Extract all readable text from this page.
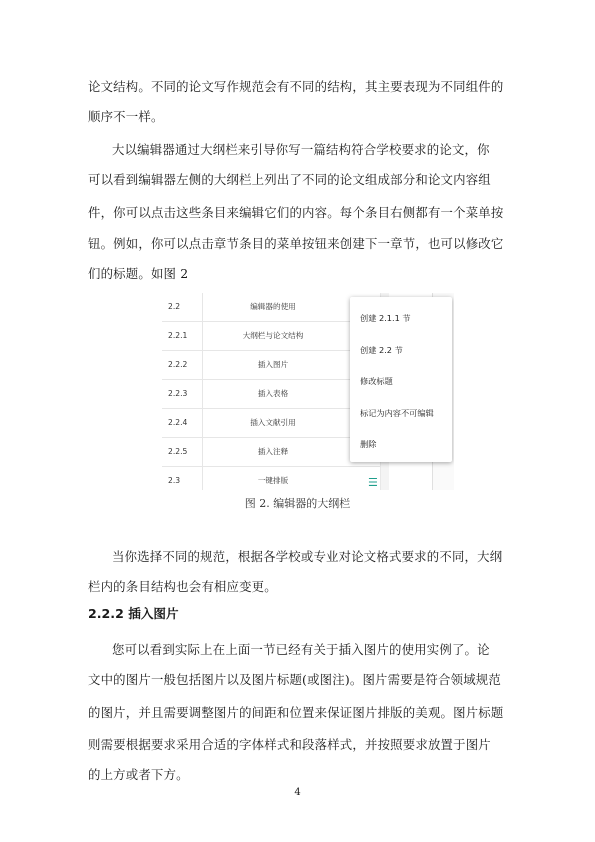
论文结构。不同的论文写作规范会有不同的结构，其主要表现为不同组件的
顺序不一样。
大以编辑器通过大纲栏来引导你写一篇结构符合学校要求的论文，你
可以看到编辑器左侧的大纲栏上列出了不同的论文组成部分和论文内容组
件，你可以点击这些条目来编辑它们的内容。每个条目右侧都有一个菜单按
钮。例如，你可以点击章节条目的菜单按钮来创建下一章节，也可以修改它
们的标题。如图 2
2.2	编辑器的使用
2.2.1	大纲栏与论文结构
2.2.2	插入图片
2.2.3	插入表格
2.2.4	插入文献引用
2.2.5	插入注释
2.3	一键排版	☰
创建 2.1.1 节
创建 2.2 节
修改标题
标记为内容不可编辑
删除
图 2. 编辑器的大纲栏
当你选择不同的规范，根据各学校或专业对论文格式要求的不同，大纲
栏内的条目结构也会有相应变更。
2.2.2 插入图片
您可以看到实际上在上面一节已经有关于插入图片的使用实例了。论
文中的图片一般包括图片以及图片标题(或图注)。图片需要是符合领域规范
的图片，并且需要调整图片的间距和位置来保证图片排版的美观。图片标题
则需要根据要求采用合适的字体样式和段落样式，并按照要求放置于图片
的上方或者下方。
4
